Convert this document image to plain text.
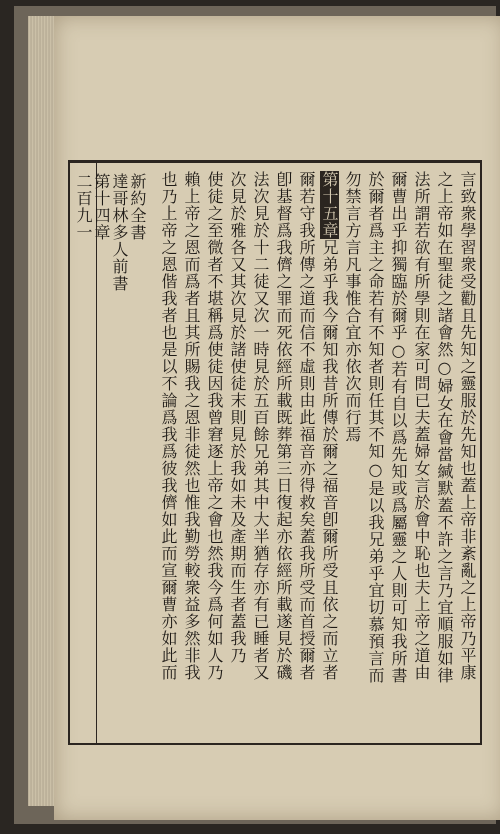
言致衆學習衆受勸且先知之靈服於先知也蓋上帝非紊亂之上帝乃平康
之上帝如在聖徒之諸會然○婦女在會當緘默蓋不許之言乃宜順服如律
法所謂若欲有所學則在家可問已夫蓋婦女言於會中恥也夫上帝之道由
爾曹出乎抑獨臨於爾乎○若有自以爲先知或爲屬靈之人則可知我所書
於爾者爲主之命若有不知者則任其不知○是以我兄弟乎宜切慕預言而
勿禁言方言凡事惟合宜亦依次而行焉
第十五章兄弟乎我今爾知我昔所傳於爾之福音卽爾所受且依之而立者
爾若守我所傳之道而信不虛則由此福音亦得救矣蓋我所受而首授爾者
卽基督爲我儕之罪而死依經所載既葬第三日復起亦依經所載遂見於磯
法次見於十二徒又次一時見於五百餘兄弟其中大半猶存亦有已睡者又
次見於雅各又其次見於諸使徒末則見於我如未及產期而生者蓋我乃
使徒之至微者不堪稱爲使徒因我曾窘逐上帝之會也然我今爲何如人乃
賴上帝之恩而爲者且其所賜我之恩非徒然也惟我勤勞較衆益多然非我
也乃上帝之恩偕我者也是以不論爲我爲彼我儕如此而宣爾曹亦如此而
新約全書
達哥林多人前書
第十四章
二百九一
